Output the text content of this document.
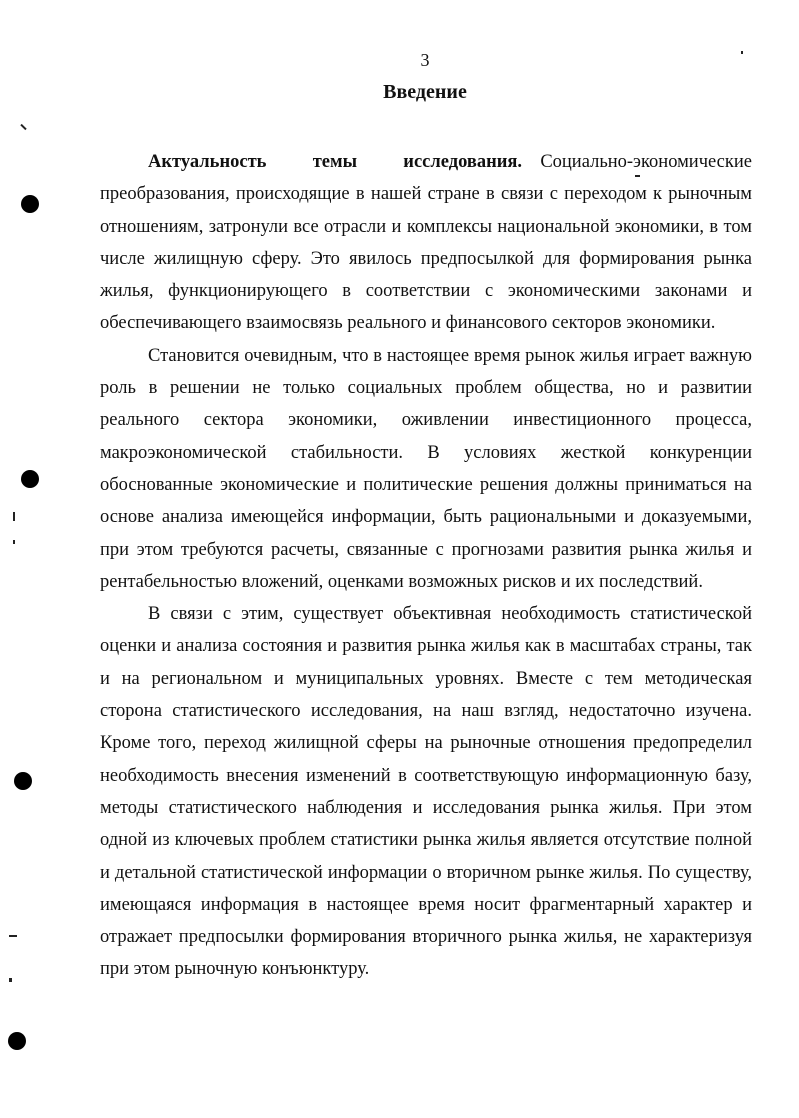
3
Введение

Актуальность темы исследования. Социально-экономические преобразования, происходящие в нашей стране в связи с переходом к рыночным отношениям, затронули все отрасли и комплексы национальной экономики, в том числе жилищную сферу. Это явилось предпосылкой для формирования рынка жилья, функционирующего в соответствии с экономическими законами и обеспечивающего взаимосвязь реального и финансового секторов экономики.

Становится очевидным, что в настоящее время рынок жилья играет важную роль в решении не только социальных проблем общества, но и развитии реального сектора экономики, оживлении инвестиционного процесса, макроэкономической стабильности. В условиях жесткой конкуренции обоснованные экономические и политические решения должны приниматься на основе анализа имеющейся информации, быть рациональными и доказуемыми, при этом требуются расчеты, связанные с прогнозами развития рынка жилья и рентабельностью вложений, оценками возможных рисков и их последствий.

В связи с этим, существует объективная необходимость статистической оценки и анализа состояния и развития рынка жилья как в масштабах страны, так и на региональном и муниципальных уровнях. Вместе с тем методическая сторона статистического исследования, на наш взгляд, недостаточно изучена. Кроме того, переход жилищной сферы на рыночные отношения предопределил необходимость внесения изменений в соответствующую информационную базу, методы статистического наблюдения и исследования рынка жилья. При этом одной из ключевых проблем статистики рынка жилья является отсутствие полной и детальной статистической информации о вторичном рынке жилья. По существу, имеющаяся информация в настоящее время носит фрагментарный характер и отражает предпосылки формирования вторичного рынка жилья, не характеризуя при этом рыночную конъюнктуру.
